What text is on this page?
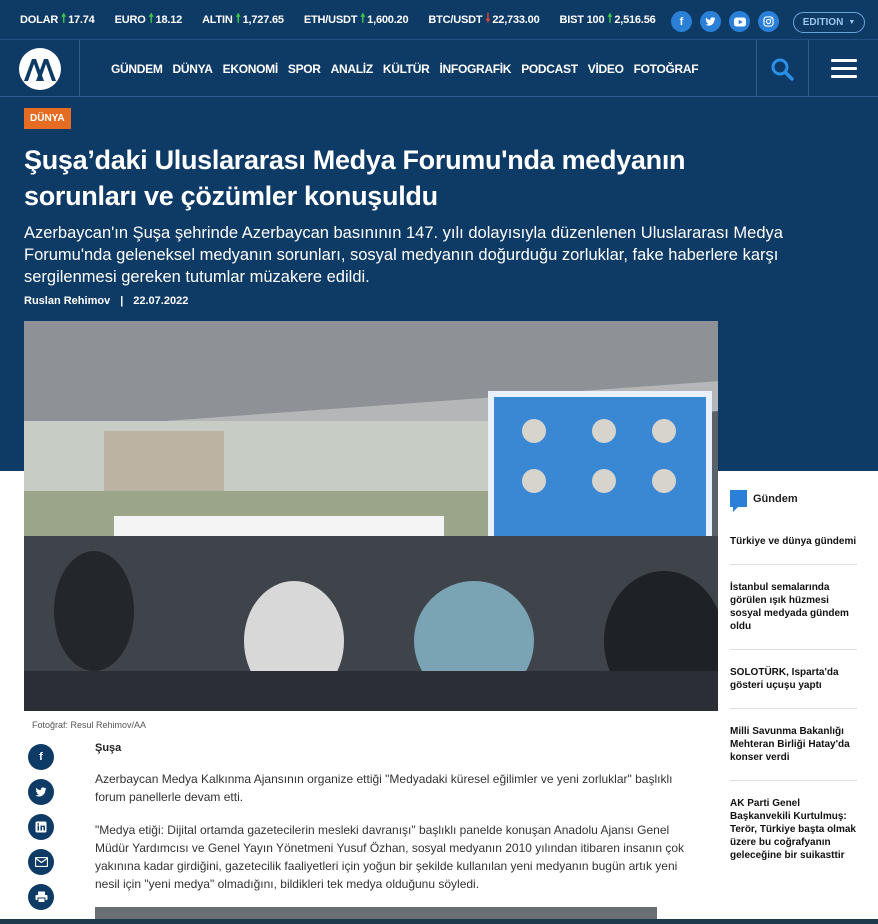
DOLAR 🠕 17.74 EURO 🠕 18.12 ALTIN 🠕 1,727.65 ETH/USDT 🠕 1,600.20 BTC/USDT 🠗 22,733.00 BIST 100 🠕 2,516.56	f	EDITION ▼
GÜNDEM DÜNYA EKONOMİ SPOR ANALİZ KÜLTÜR İNFOGRAFİK PODCAST VİDEO FOTOĞRAF
DÜNYA
Şuşa’daki Uluslararası Medya Forumu'nda medyanın sorunları ve çözümler konuşuldu

Azerbaycan'ın Şuşa şehrinde Azerbaycan basınının 147. yılı dolayısıyla düzenlenen Uluslararası Medya Forumu'nda geleneksel medyanın sorunları, sosyal medyanın doğurduğu zorluklar, fake haberlere karşı sergilenmesi gereken tutumlar müzakere edildi.

Ruslan Rehimov | 22.07.2022
Fotoğraf: Resul Rehimov/AA
f
Şuşa

Azerbaycan Medya Kalkınma Ajansının organize ettiği "Medyadaki küresel eğilimler ve yeni zorluklar" başlıklı forum panellerle devam etti.

"Medya etiği: Dijital ortamda gazetecilerin mesleki davranışı" başlıklı panelde konuşan Anadolu Ajansı Genel Müdür Yardımcısı ve Genel Yayın Yönetmeni Yusuf Özhan, sosyal medyanın 2010 yılından itibaren insanın çok yakınına kadar girdiğini, gazetecilik faaliyetleri için yoğun bir şekilde kullanılan yeni medyanın bugün artık yeni nesil için "yeni medya" olmadığını, bildikleri tek medya olduğunu söyledi.

Gündem
Türkiye ve dünya gündemi
İstanbul semalarında görülen ışık hüzmesi sosyal medyada gündem oldu
SOLOTÜRK, Isparta'da gösteri uçuşu yaptı
Milli Savunma Bakanlığı Mehteran Birliği Hatay'da konser verdi
AK Parti Genel Başkanvekili Kurtulmuş: Terör, Türkiye başta olmak üzere bu coğrafyanın geleceğine bir suikasttir
